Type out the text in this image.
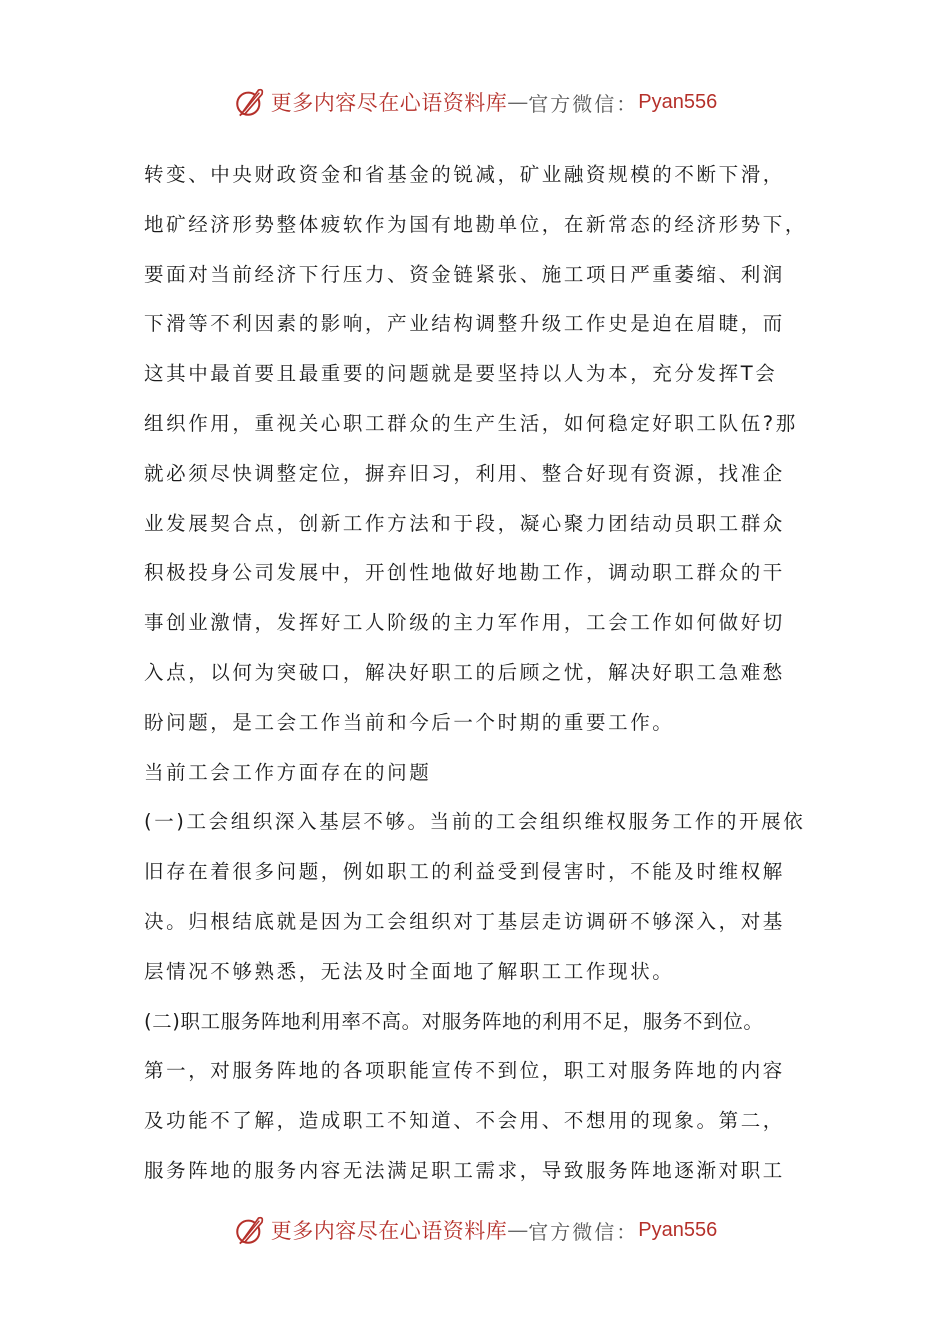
更多内容尽在心语资料库 — 官方微信： Pyan556
转变、中央财政资金和省基金的锐减，矿业融资规模的不断下滑，
地矿经济形势整体疲软作为国有地勘单位，在新常态的经济形势下，
要面对当前经济下行压力、资金链紧张、施工项日严重萎缩、利润
下滑等不利因素的影响，产业结构调整升级工作史是迫在眉睫，而
这其中最首要且最重要的问题就是要坚持以人为本，充分发挥T会
组织作用，重视关心职工群众的生产生活，如何稳定好职工队伍?那
就必须尽快调整定位，摒弃旧习，利用、整合好现有资源，找准企
业发展契合点，创新工作方法和于段，凝心聚力团结动员职工群众
积极投身公司发展中，开创性地做好地勘工作，调动职工群众的干
事创业激情，发挥好工人阶级的主力军作用，工会工作如何做好切
入点，以何为突破口，解决好职工的后顾之忧，解决好职工急难愁
盼问题，是工会工作当前和今后一个时期的重要工作。
当前工会工作方面存在的问题
(一)工会组织深入基层不够。当前的工会组织维权服务工作的开展依
旧存在着很多问题，例如职工的利益受到侵害时，不能及时维权解
决。归根结底就是因为工会组织对丁基层走访调研不够深入，对基
层情况不够熟悉，无法及时全面地了解职工工作现状。
(二)职工服务阵地利用率不高。对服务阵地的利用不足，服务不到位。
第一，对服务阵地的各项职能宣传不到位，职工对服务阵地的内容
及功能不了解，造成职工不知道、不会用、不想用的现象。第二，
服务阵地的服务内容无法满足职工需求，导致服务阵地逐渐对职工
更多内容尽在心语资料库 — 官方微信： Pyan556
